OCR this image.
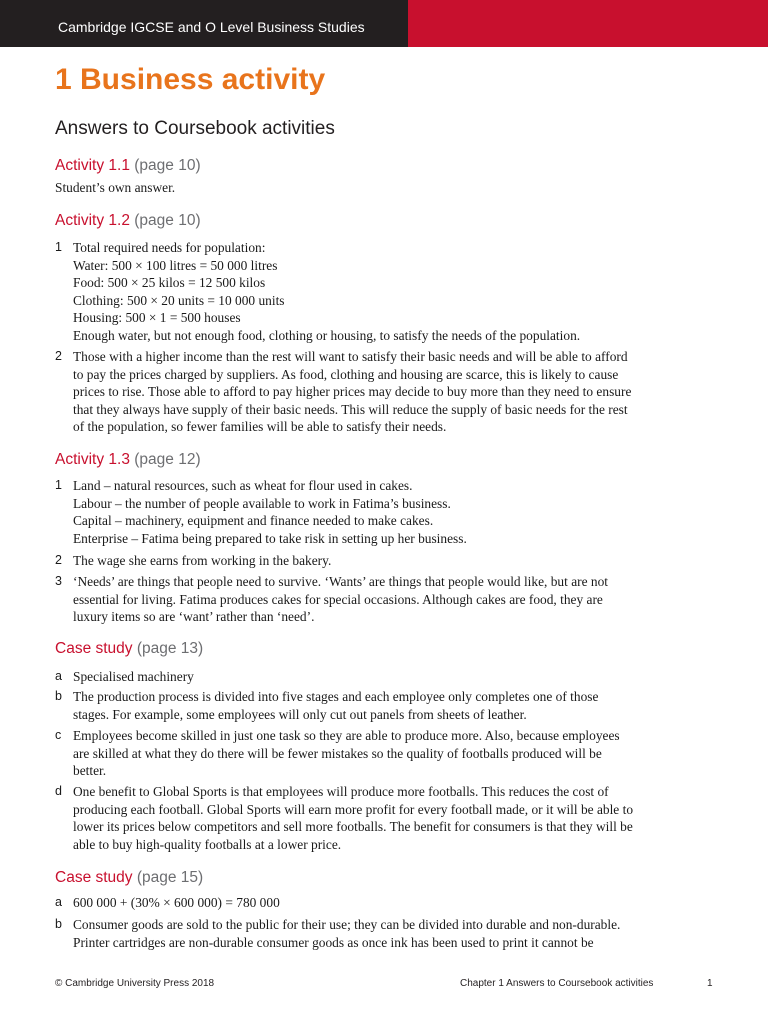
Cambridge IGCSE and O Level Business Studies
1 Business activity
Answers to Coursebook activities
Activity 1.1 (page 10)

Student’s own answer.

Activity 1.2 (page 10)
1 Total required needs for population:
Water: 500 × 100 litres = 50 000 litres
Food: 500 × 25 kilos = 12 500 kilos
Clothing: 500 × 20 units = 10 000 units
Housing: 500 × 1 = 500 houses
Enough water, but not enough food, clothing or housing, to satisfy the needs of the population.
2 Those with a higher income than the rest will want to satisfy their basic needs and will be able to afford
to pay the prices charged by suppliers. As food, clothing and housing are scarce, this is likely to cause
prices to rise. Those able to afford to pay higher prices may decide to buy more than they need to ensure
that they always have supply of their basic needs. This will reduce the supply of basic needs for the rest
of the population, so fewer families will be able to satisfy their needs.
Activity 1.3 (page 12)
1 Land – natural resources, such as wheat for flour used in cakes.
Labour – the number of people available to work in Fatima’s business.
Capital – machinery, equipment and finance needed to make cakes.
Enterprise – Fatima being prepared to take risk in setting up her business.
2 The wage she earns from working in the bakery.
3 ‘Needs’ are things that people need to survive. ‘Wants’ are things that people would like, but are not
essential for living. Fatima produces cakes for special occasions. Although cakes are food, they are
luxury items so are ‘want’ rather than ‘need’.
Case study (page 13)
a Specialised machinery
b The production process is divided into five stages and each employee only completes one of those
stages. For example, some employees will only cut out panels from sheets of leather.
c Employees become skilled in just one task so they are able to produce more. Also, because employees
are skilled at what they do there will be fewer mistakes so the quality of footballs produced will be
better.
d One benefit to Global Sports is that employees will produce more footballs. This reduces the cost of
producing each football. Global Sports will earn more profit for every football made, or it will be able to
lower its prices below competitors and sell more footballs. The benefit for consumers is that they will be
able to buy high-quality footballs at a lower price.
Case study (page 15)
a 600 000 + (30% × 600 000) = 780 000
b Consumer goods are sold to the public for their use; they can be divided into durable and non-durable.
Printer cartridges are non-durable consumer goods as once ink has been used to print it cannot be
© Cambridge University Press 2018	Chapter 1 Answers to Coursebook activities	1
